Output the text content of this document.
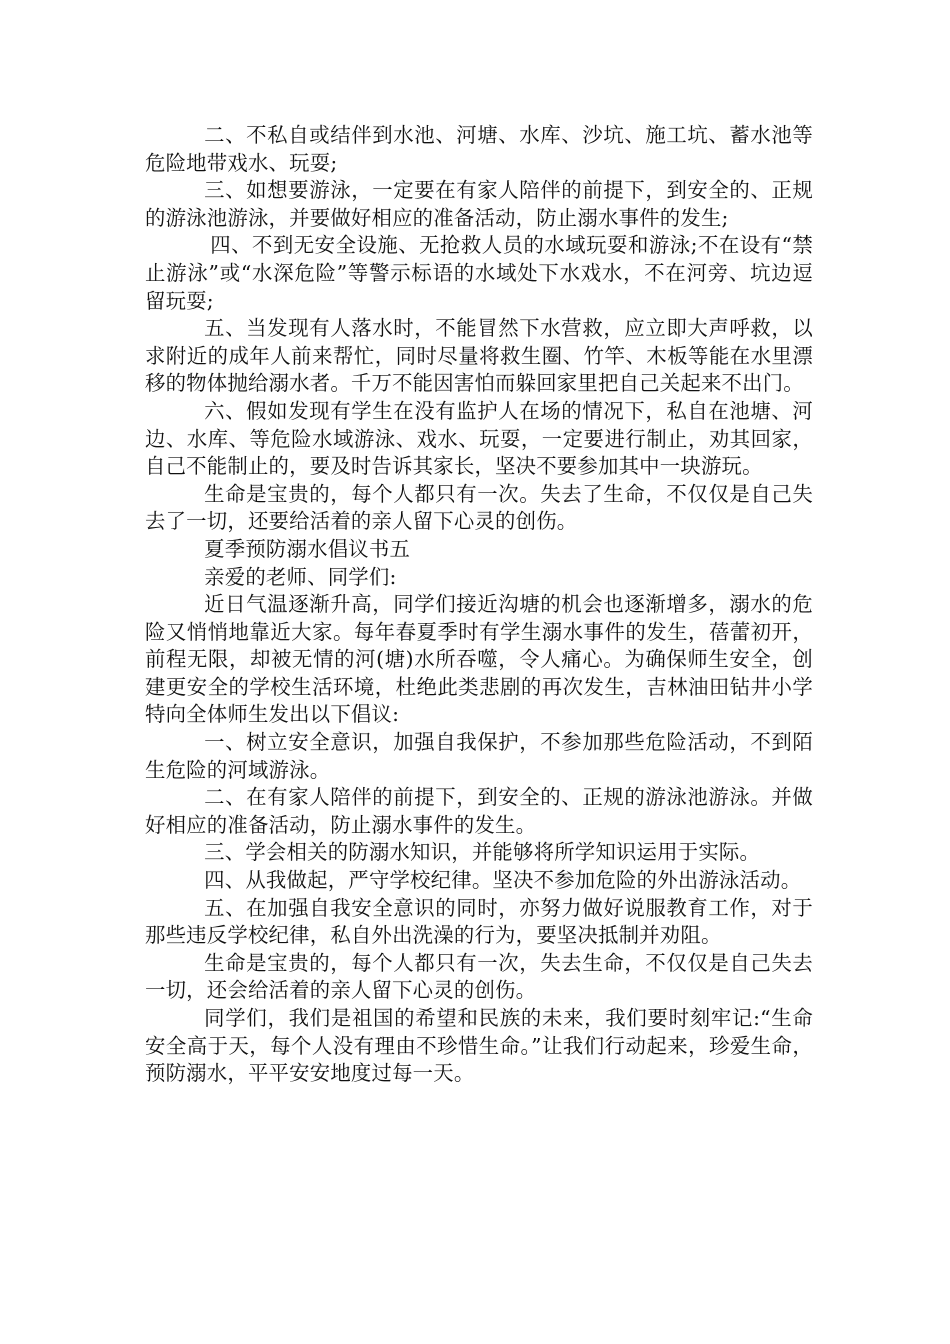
二、不私自或结伴到水池、河塘、水库、沙坑、施工坑、蓄水池等危险地带戏水、玩耍;

三、如想要游泳，一定要在有家人陪伴的前提下，到安全的、正规的游泳池游泳，并要做好相应的准备活动，防止溺水事件的发生;

四、不到无安全设施、无抢救人员的水域玩耍和游泳;不在设有“禁止游泳”或“水深危险”等警示标语的水域处下水戏水，不在河旁、坑边逗留玩耍;

五、当发现有人落水时，不能冒然下水营救，应立即大声呼救，以求附近的成年人前来帮忙，同时尽量将救生圈、竹竿、木板等能在水里漂移的物体抛给溺水者。千万不能因害怕而躲回家里把自己关起来不出门。

六、假如发现有学生在没有监护人在场的情况下，私自在池塘、河边、水库、等危险水域游泳、戏水、玩耍，一定要进行制止，劝其回家，自己不能制止的，要及时告诉其家长，坚决不要参加其中一块游玩。

生命是宝贵的，每个人都只有一次。失去了生命，不仅仅是自己失去了一切，还要给活着的亲人留下心灵的创伤。

夏季预防溺水倡议书五

亲爱的老师、同学们:

近日气温逐渐升高，同学们接近沟塘的机会也逐渐增多，溺水的危险又悄悄地靠近大家。每年春夏季时有学生溺水事件的发生，蓓蕾初开，前程无限，却被无情的河(塘)水所吞噬，令人痛心。为确保师生安全，创建更安全的学校生活环境，杜绝此类悲剧的再次发生，吉林油田钻井小学特向全体师生发出以下倡议:

一、树立安全意识，加强自我保护，不参加那些危险活动，不到陌生危险的河域游泳。

二、在有家人陪伴的前提下，到安全的、正规的游泳池游泳。并做好相应的准备活动，防止溺水事件的发生。

三、学会相关的防溺水知识，并能够将所学知识运用于实际。

四、从我做起，严守学校纪律。坚决不参加危险的外出游泳活动。

五、在加强自我安全意识的同时，亦努力做好说服教育工作，对于那些违反学校纪律，私自外出洗澡的行为，要坚决抵制并劝阻。

生命是宝贵的，每个人都只有一次，失去生命，不仅仅是自己失去一切，还会给活着的亲人留下心灵的创伤。

同学们，我们是祖国的希望和民族的未来，我们要时刻牢记:“生命安全高于天，每个人没有理由不珍惜生命。”让我们行动起来，珍爱生命，预防溺水，平平安安地度过每一天。
